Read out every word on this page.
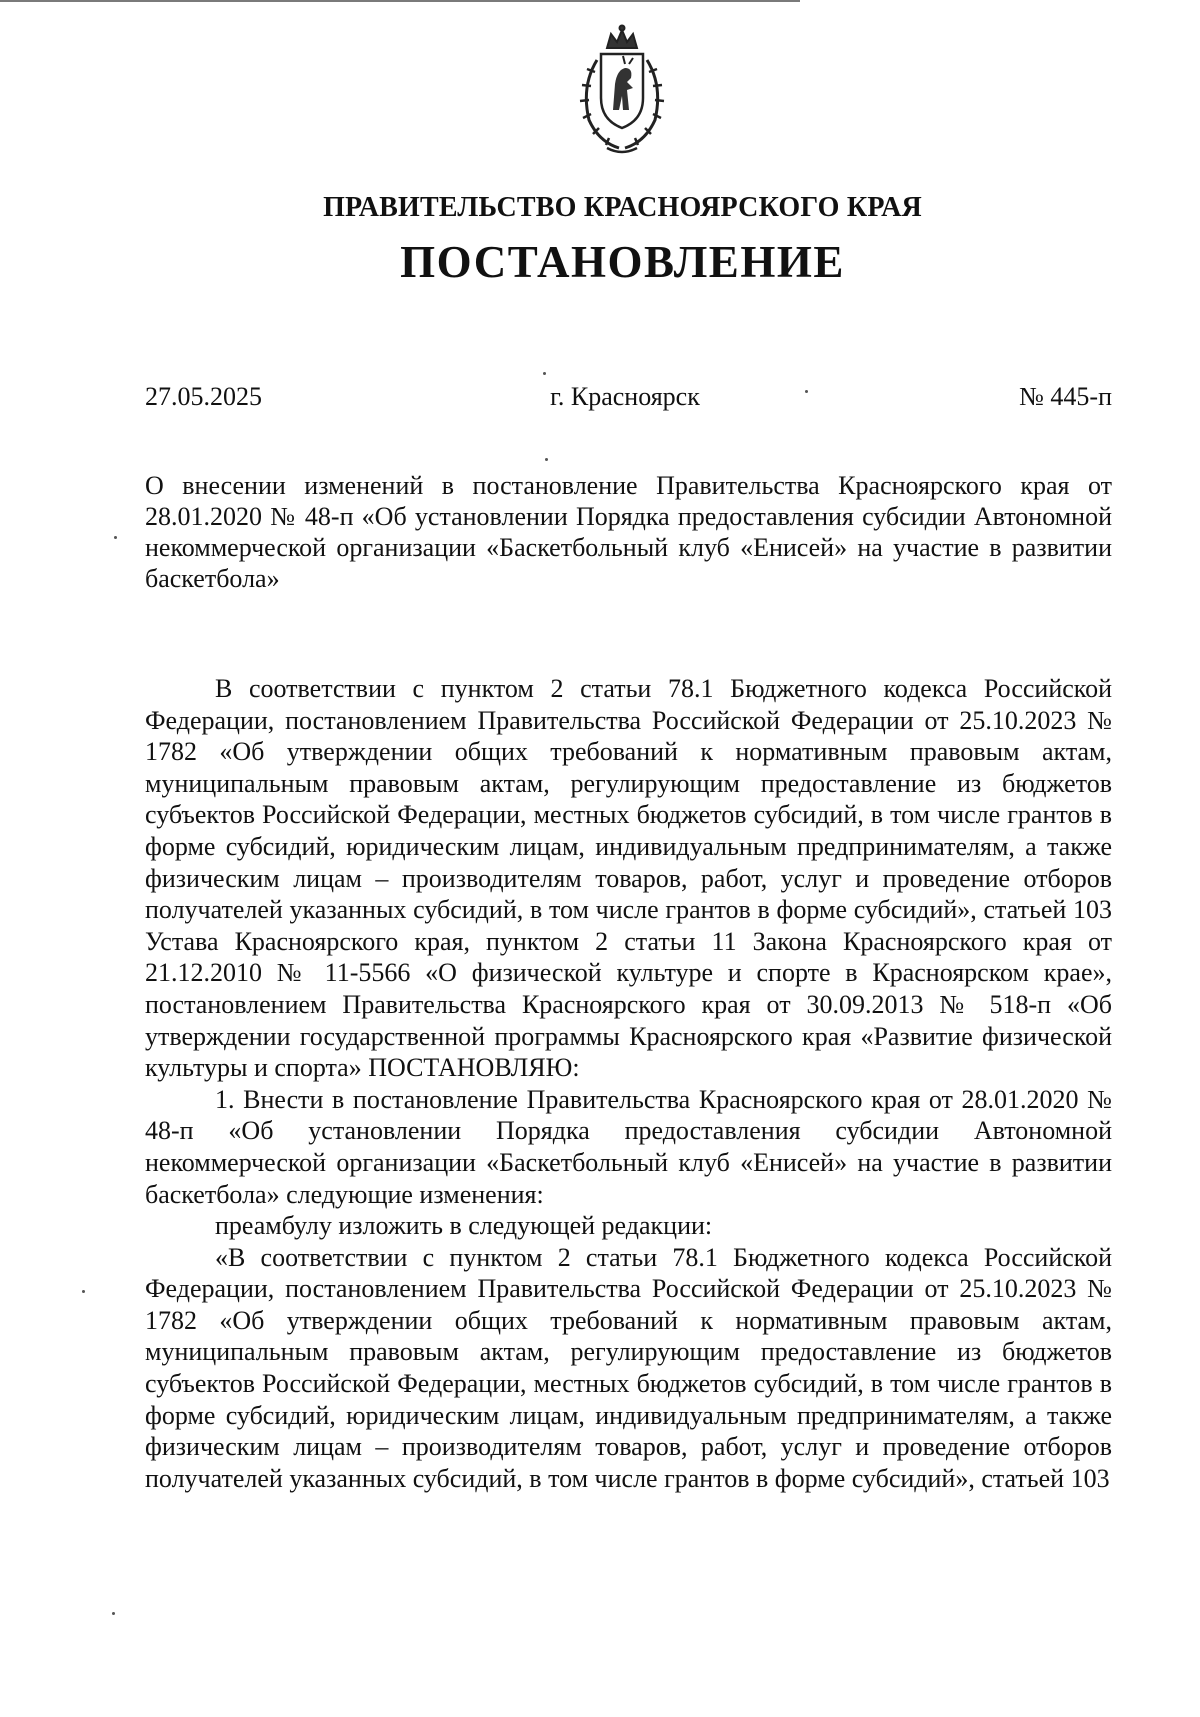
ПРАВИТЕЛЬСТВО КРАСНОЯРСКОГО КРАЯ
ПОСТАНОВЛЕНИЕ
27.05.2025	г. Красноярск	№ 445-п
О внесении изменений в постановление Правительства Красноярского края от 28.01.2020 № 48-п «Об установлении Порядка предоставления субсидии Автономной некоммерческой организации «Баскетбольный клуб «Енисей» на участие в развитии баскетбола»

В соответствии с пунктом 2 статьи 78.1 Бюджетного кодекса Российской Федерации, постановлением Правительства Российской Федерации от 25.10.2023 № 1782 «Об утверждении общих требований к нормативным правовым актам, муниципальным правовым актам, регулирующим предоставление из бюджетов субъектов Российской Федерации, местных бюджетов субсидий, в том числе грантов в форме субсидий, юридическим лицам, индивидуальным предпринимателям, а также физическим лицам – производителям товаров, работ, услуг и проведение отборов получателей указанных субсидий, в том числе грантов в форме субсидий», статьей 103 Устава Красноярского края, пунктом 2 статьи 11 Закона Красноярского края от 21.12.2010 № 11-5566 «О физической культуре и спорте в Красноярском крае», постановлением Правительства Красноярского края от 30.09.2013 № 518-п «Об утверждении государственной программы Красноярского края «Развитие физической культуры и спорта» ПОСТАНОВЛЯЮ:

1. Внести в постановление Правительства Красноярского края от 28.01.2020 № 48-п «Об установлении Порядка предоставления субсидии Автономной некоммерческой организации «Баскетбольный клуб «Енисей» на участие в развитии баскетбола» следующие изменения:

преамбулу изложить в следующей редакции:

«В соответствии с пунктом 2 статьи 78.1 Бюджетного кодекса Российской Федерации, постановлением Правительства Российской Федерации от 25.10.2023 № 1782 «Об утверждении общих требований к нормативным правовым актам, муниципальным правовым актам, регулирующим предоставление из бюджетов субъектов Российской Федерации, местных бюджетов субсидий, в том числе грантов в форме субсидий, юридическим лицам, индивидуальным предпринимателям, а также физическим лицам – производителям товаров, работ, услуг и проведение отборов получателей указанных субсидий, в том числе грантов в форме субсидий», статьей 103
